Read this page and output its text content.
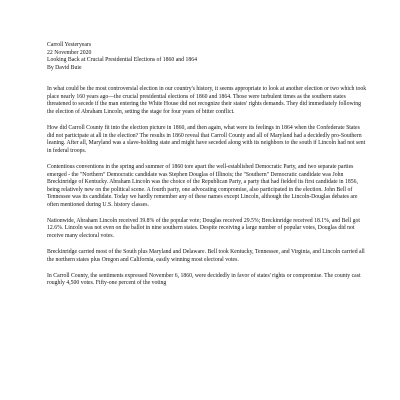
Carroll Yesteryears
22 November 2020
Looking Back at Crucial Presidential Elections of 1860 and 1864
By David Buie

In what could be the most controversial election in our country's history, it seems appropriate to look at another election or two which took place nearly 160 years ago—the crucial presidential elections of 1860 and 1864. Those were turbulent times as the southern states threatened to secede if the man entering the White House did not recognize their states' rights demands. They did immediately following the election of Abraham Lincoln, setting the stage for four years of bitter conflict.

How did Carroll County fit into the election picture in 1860, and then again, what were its feelings in 1864 when the Confederate States did not participate at all in the election? The results in 1860 reveal that Carroll County and all of Maryland had a decidedly pro-Southern leaning. After all, Maryland was a slave-holding state and might have seceded along with its neighbors to the south if Lincoln had not sent in federal troops.

Contentious conventions in the spring and summer of 1860 tore apart the well-established Democratic Party, and two separate parties emerged - the "Northern" Democratic candidate was Stephen Douglas of Illinois; the "Southern" Democratic candidate was John Breckinridge of Kentucky. Abraham Lincoln was the choice of the Republican Party, a party that had fielded its first candidate in 1856, being relatively new on the political scene. A fourth party, one advocating compromise, also participated in the election. John Bell of Tennessee was its candidate. Today we hardly remember any of these names except Lincoln, although the Lincoln-Douglas debates are often mentioned during U.S. history classes.

Nationwide, Abraham Lincoln received 39.8% of the popular vote; Douglas received 29.5%; Breckinridge received 18.1%, and Bell got 12.6%. Lincoln was not even on the ballot in nine southern states. Despite receiving a large number of popular votes, Douglas did not receive many electoral votes.

Breckinridge carried most of the South plus Maryland and Delaware. Bell took Kentucky, Tennessee, and Virginia, and Lincoln carried all the northern states plus Oregon and California, easily winning most electoral votes.

In Carroll County, the sentiments expressed November 6, 1860, were decidedly in favor of states' rights or compromise. The county cast roughly 4,500 votes. Fifty-one percent of the voting
